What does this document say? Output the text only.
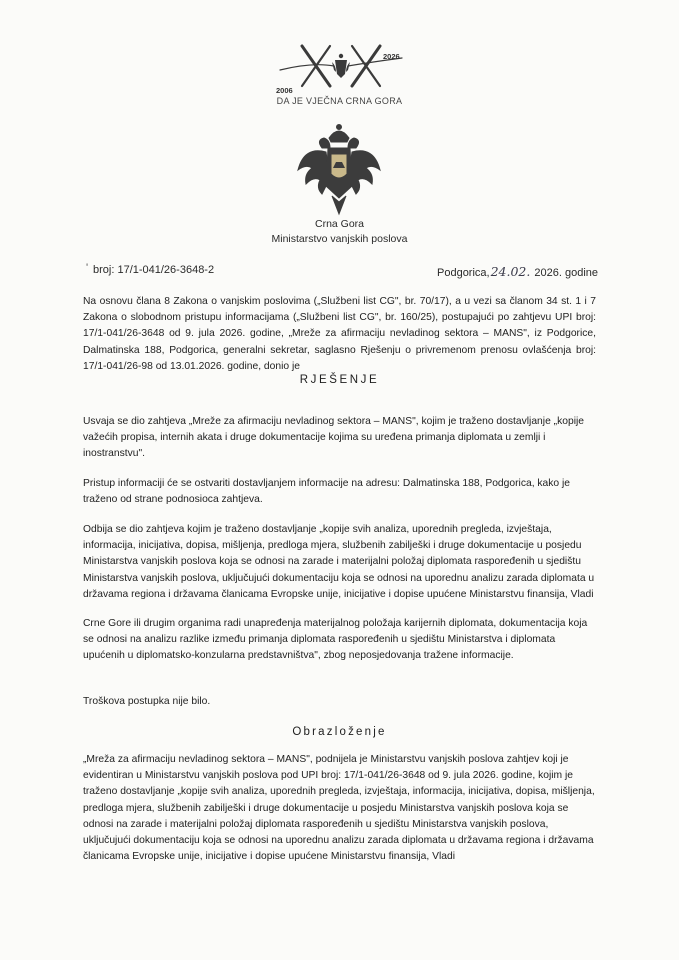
2006
2026
DA JE VJEČNA CRNA GORA
Crna Gora
Ministarstvo vanjskih poslova
' broj: 17/1-041/26-3648-2	Podgorica,24.02. 2026. godine

Na osnovu člana 8 Zakona o vanjskim poslovima („Službeni list CG", br. 70/17), a u vezi sa članom 34 st. 1 i 7 Zakona o slobodnom pristupu informacijama („Službeni list CG", br. 160/25), postupajući po zahtjevu UPI broj: 17/1-041/26-3648 od 9. jula 2026. godine, „Mreže za afirmaciju nevladinog sektora – MANS", iz Podgorice, Dalmatinska 188, Podgorica, generalni sekretar, saglasno Rješenju o privremenom prenosu ovlašćenja broj: 17/1-041/26-98 od 13.01.2026. godine, donio je

RJEŠENJE

Usvaja se dio zahtjeva „Mreže za afirmaciju nevladinog sektora – MANS", kojim je traženo dostavljanje „kopije važećih propisa, internih akata i druge dokumentacije kojima su uređena primanja diplomata u zemlji i inostranstvu".

Pristup informaciji će se ostvariti dostavljanjem informacije na adresu: Dalmatinska 188, Podgorica, kako je traženo od strane podnosioca zahtjeva.

Odbija se dio zahtjeva kojim je traženo dostavljanje „kopije svih analiza, uporednih pregleda, izvještaja, informacija, inicijativa, dopisa, mišljenja, predloga mjera, službenih zabilješki i druge dokumentacije u posjedu Ministarstva vanjskih poslova koja se odnosi na zarade i materijalni položaj diplomata raspoređenih u sjedištu Ministarstva vanjskih poslova, uključujući dokumentaciju koja se odnosi na uporednu analizu zarada diplomata u državama regiona i državama članicama Evropske unije, inicijative i dopise upućene Ministarstvu finansija, Vladi

Crne Gore ili drugim organima radi unapređenja materijalnog položaja karijernih diplomata, dokumentacija koja se odnosi na analizu razlike između primanja diplomata raspoređenih u sjedištu Ministarstva i diplomata upućenih u diplomatsko-konzularna predstavništva", zbog neposjedovanja tražene informacije.

Troškova postupka nije bilo.

Obrazloženje

„Mreža za afirmaciju nevladinog sektora – MANS", podnijela je Ministarstvu vanjskih poslova zahtjev koji je evidentiran u Ministarstvu vanjskih poslova pod UPI broj: 17/1-041/26-3648 od 9. jula 2026. godine, kojim je traženo dostavljanje „kopije svih analiza, uporednih pregleda, izvještaja, informacija, inicijativa, dopisa, mišljenja, predloga mjera, službenih zabilješki i druge dokumentacije u posjedu Ministarstva vanjskih poslova koja se odnosi na zarade i materijalni položaj diplomata raspoređenih u sjedištu Ministarstva vanjskih poslova, uključujući dokumentaciju koja se odnosi na uporednu analizu zarada diplomata u državama regiona i državama članicama Evropske unije, inicijative i dopise upućene Ministarstvu finansija, Vladi
